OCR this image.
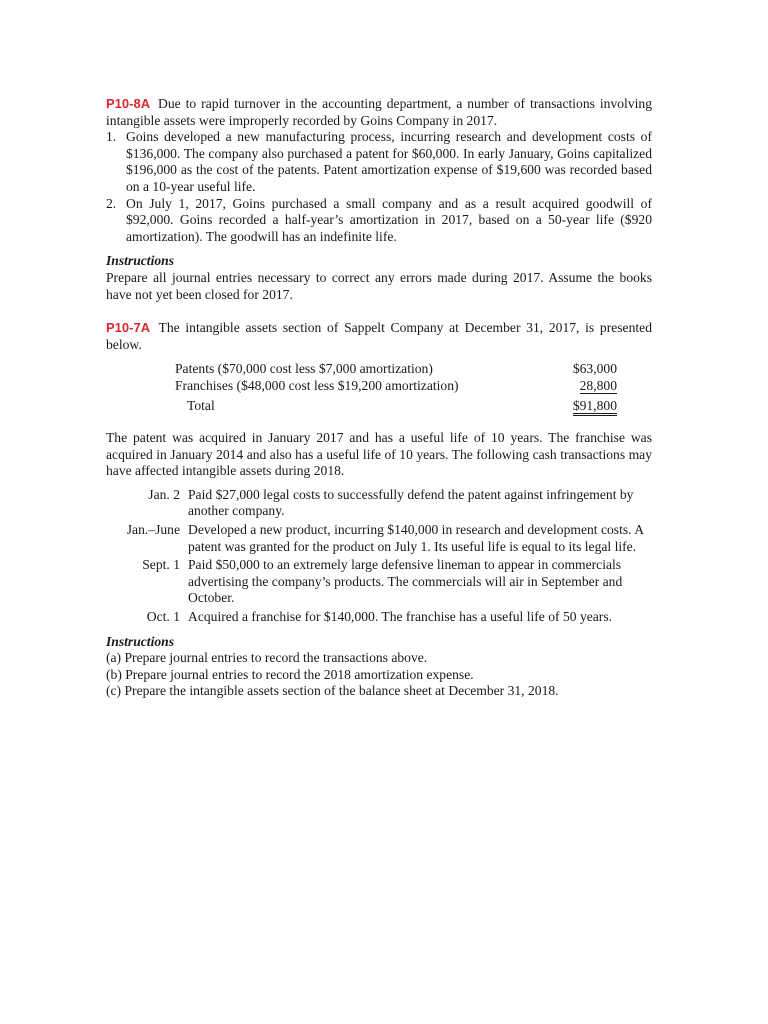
P10-8A Due to rapid turnover in the accounting department, a number of transactions involving intangible assets were improperly recorded by Goins Company in 2017.

1. Goins developed a new manufacturing process, incurring research and development costs of $136,000. The company also purchased a patent for $60,000. In early January, Goins capitalized $196,000 as the cost of the patents. Patent amortization expense of $19,600 was recorded based on a 10-year useful life.
2. On July 1, 2017, Goins purchased a small company and as a result acquired goodwill of $92,000. Goins recorded a half-year’s amortization in 2017, based on a 50-year life ($920 amortization). The goodwill has an indefinite life.
Instructions

Prepare all journal entries necessary to correct any errors made during 2017. Assume the books have not yet been closed for 2017.

P10-7A The intangible assets section of Sappelt Company at December 31, 2017, is presented below.

Patents ($70,000 cost less $7,000 amortization)	$63,000
Franchises ($48,000 cost less $19,200 amortization)	28,800
Total	$91,800

The patent was acquired in January 2017 and has a useful life of 10 years. The franchise was acquired in January 2014 and also has a useful life of 10 years. The following cash transactions may have affected intangible assets during 2018.

Jan. 2	Paid $27,000 legal costs to successfully defend the patent against infringement by another company.
Jan.–June	Developed a new product, incurring $140,000 in research and development costs. A patent was granted for the product on July 1. Its useful life is equal to its legal life.
Sept. 1	Paid $50,000 to an extremely large defensive lineman to appear in commercials advertising the company’s products. The commercials will air in September and October.
Oct. 1	Acquired a franchise for $140,000. The franchise has a useful life of 50 years.
Instructions

(a) Prepare journal entries to record the transactions above.

(b) Prepare journal entries to record the 2018 amortization expense.

(c) Prepare the intangible assets section of the balance sheet at December 31, 2018.
